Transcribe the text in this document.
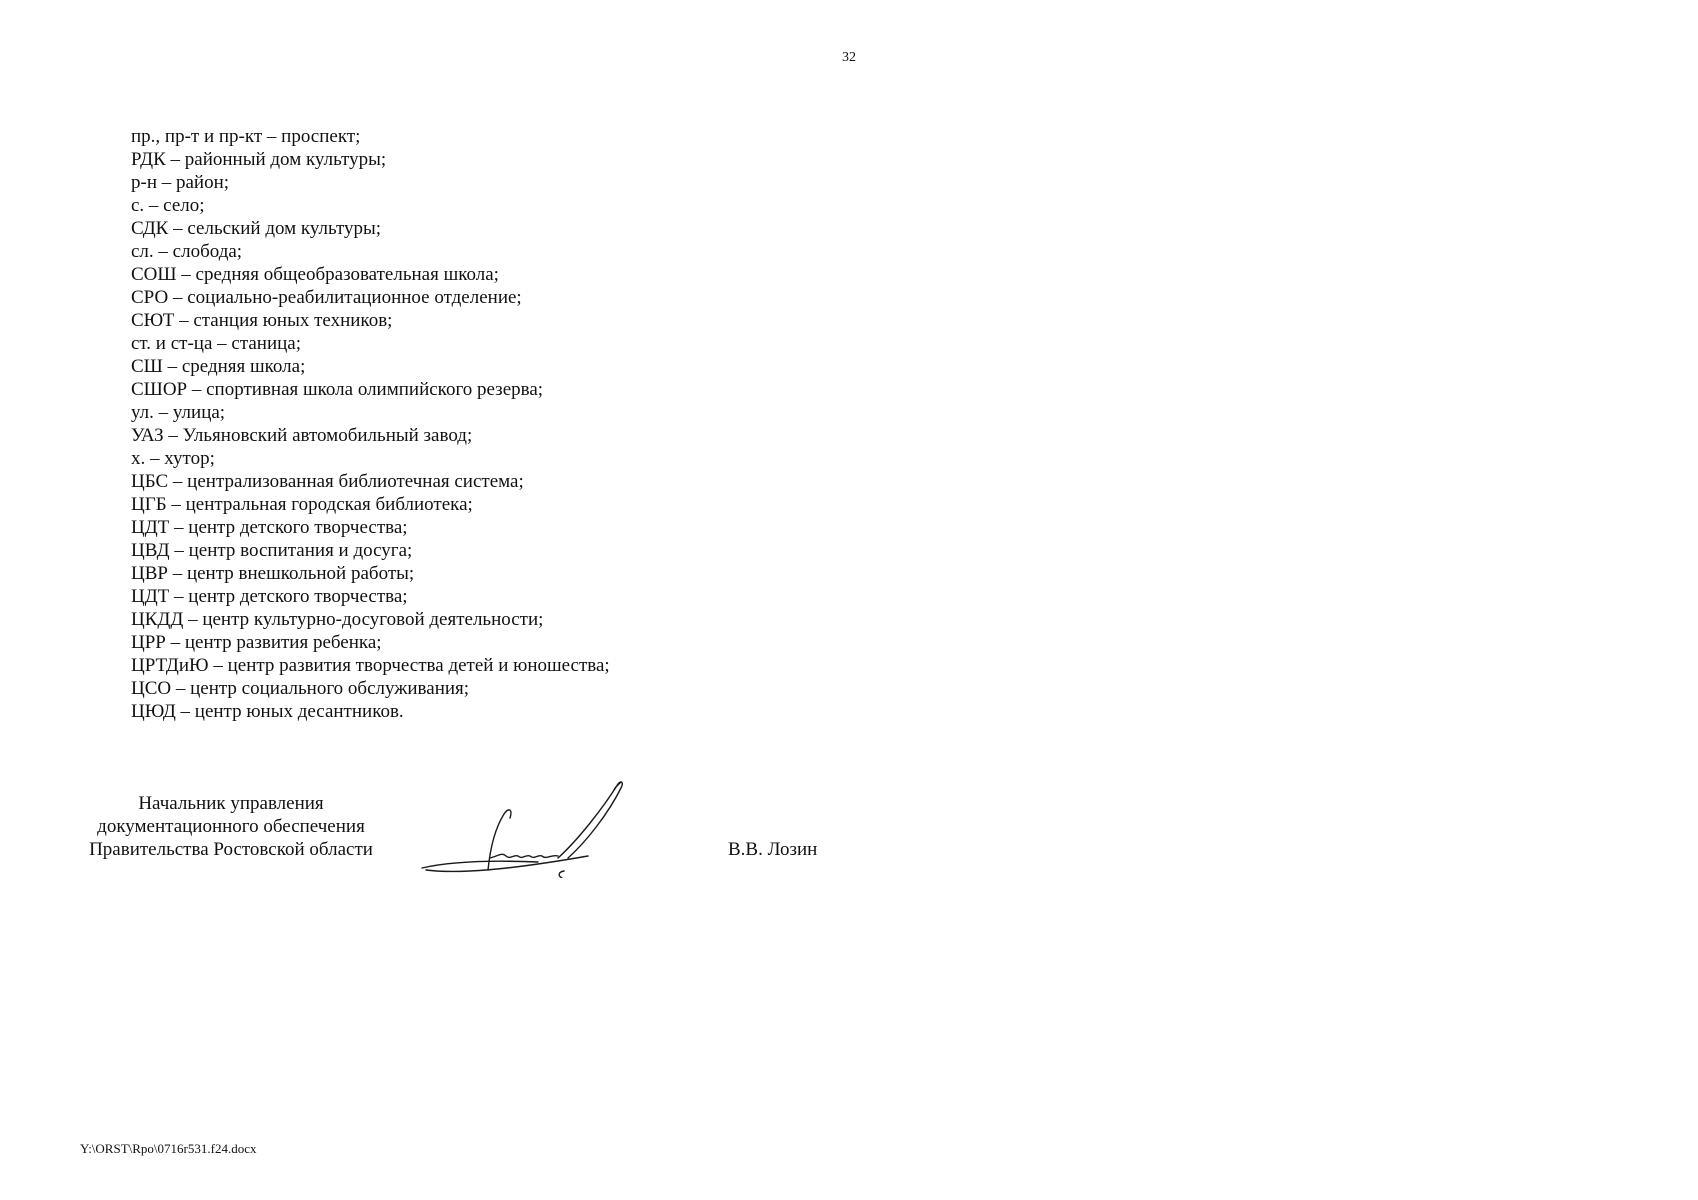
32
пр., пр-т и пр-кт – проспект;
РДК – районный дом культуры;
р-н – район;
с. – село;
СДК – сельский дом культуры;
сл. – слобода;
СОШ – средняя общеобразовательная школа;
СРО – социально-реабилитационное отделение;
СЮТ – станция юных техников;
ст. и ст-ца – станица;
СШ – средняя школа;
СШОР – спортивная школа олимпийского резерва;
ул. – улица;
УАЗ – Ульяновский автомобильный завод;
х. – хутор;
ЦБС – централизованная библиотечная система;
ЦГБ – центральная городская библиотека;
ЦДТ – центр детского творчества;
ЦВД – центр воспитания и досуга;
ЦВР – центр внешкольной работы;
ЦДТ – центр детского творчества;
ЦКДД – центр культурно-досуговой деятельности;
ЦРР – центр развития ребенка;
ЦРТДиЮ – центр развития творчества детей и юношества;
ЦСО – центр социального обслуживания;
ЦЮД – центр юных десантников.
Начальник управления
документационного обеспечения
Правительства Ростовской области	В.В. Лозин
Y:\ORST\Rpo\0716r531.f24.docx
